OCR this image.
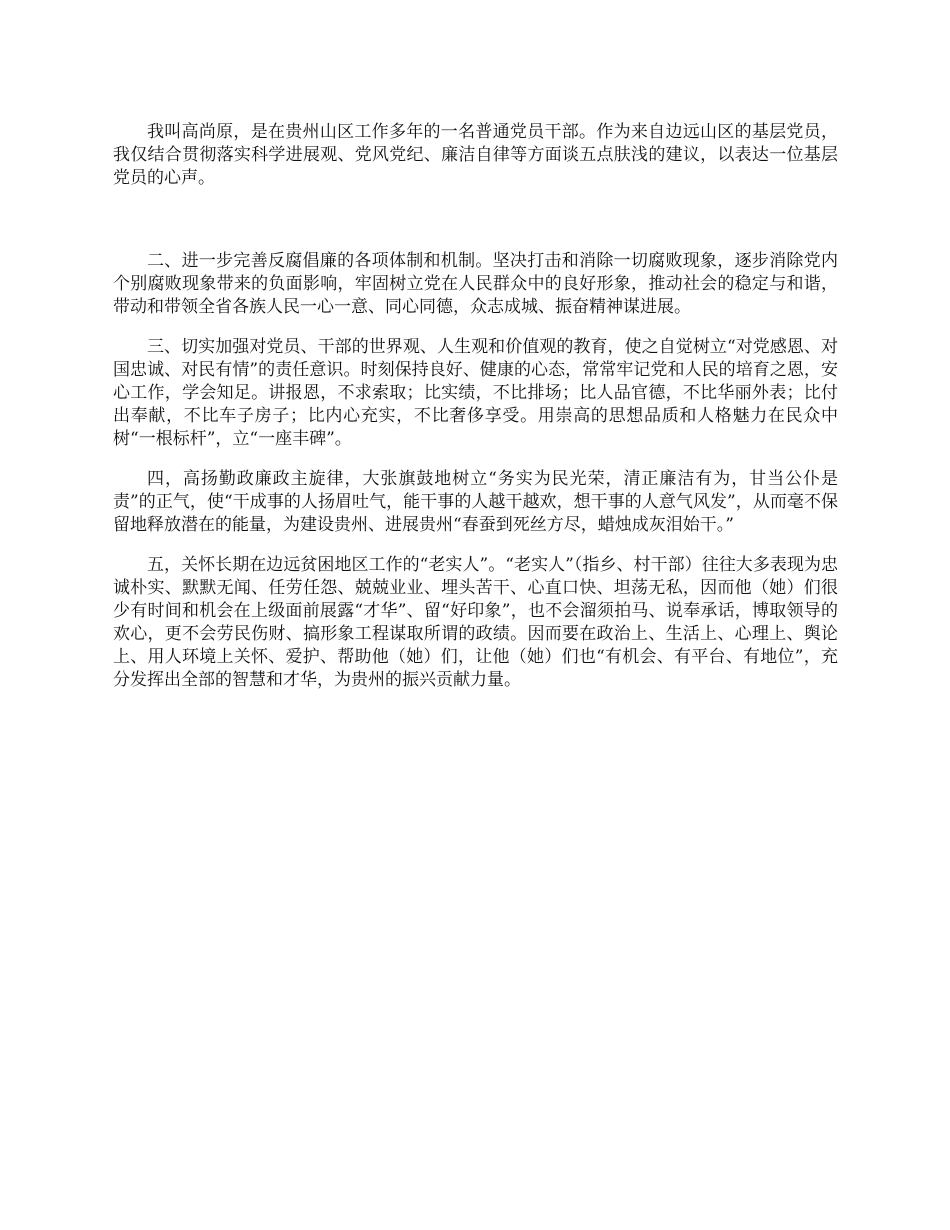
我叫高尚原，是在贵州山区工作多年的一名普通党员干部。作为来自边远山区的基层党员，我仅结合贯彻落实科学进展观、党风党纪、廉洁自律等方面谈五点肤浅的建议，以表达一位基层党员的心声。

二、进一步完善反腐倡廉的各项体制和机制。坚决打击和消除一切腐败现象，逐步消除党内个别腐败现象带来的负面影响，牢固树立党在人民群众中的良好形象，推动社会的稳定与和谐，带动和带领全省各族人民一心一意、同心同德，众志成城、振奋精神谋进展。

三、切实加强对党员、干部的世界观、人生观和价值观的教育，使之自觉树立“对党感恩、对国忠诚、对民有情”的责任意识。时刻保持良好、健康的心态，常常牢记党和人民的培育之恩，安心工作，学会知足。讲报恩，不求索取；比实绩，不比排场；比人品官德，不比华丽外表；比付出奉献，不比车子房子；比内心充实，不比奢侈享受。用崇高的思想品质和人格魅力在民众中树“一根标杆”，立“一座丰碑”。

四，高扬勤政廉政主旋律，大张旗鼓地树立“务实为民光荣，清正廉洁有为，甘当公仆是责”的正气，使“干成事的人扬眉吐气，能干事的人越干越欢，想干事的人意气风发”，从而毫不保留地释放潜在的能量，为建设贵州、进展贵州“春蚕到死丝方尽，蜡烛成灰泪始干。”

五，关怀长期在边远贫困地区工作的“老实人”。“老实人”（指乡、村干部）往往大多表现为忠诚朴实、默默无闻、任劳任怨、兢兢业业、埋头苦干、心直口快、坦荡无私，因而他（她）们很少有时间和机会在上级面前展露“才华”、留“好印象”，也不会溜须拍马、说奉承话，博取领导的欢心，更不会劳民伤财、搞形象工程谋取所谓的政绩。因而要在政治上、生活上、心理上、舆论上、用人环境上关怀、爱护、帮助他（她）们，让他（她）们也“有机会、有平台、有地位”，充分发挥出全部的智慧和才华，为贵州的振兴贡献力量。
